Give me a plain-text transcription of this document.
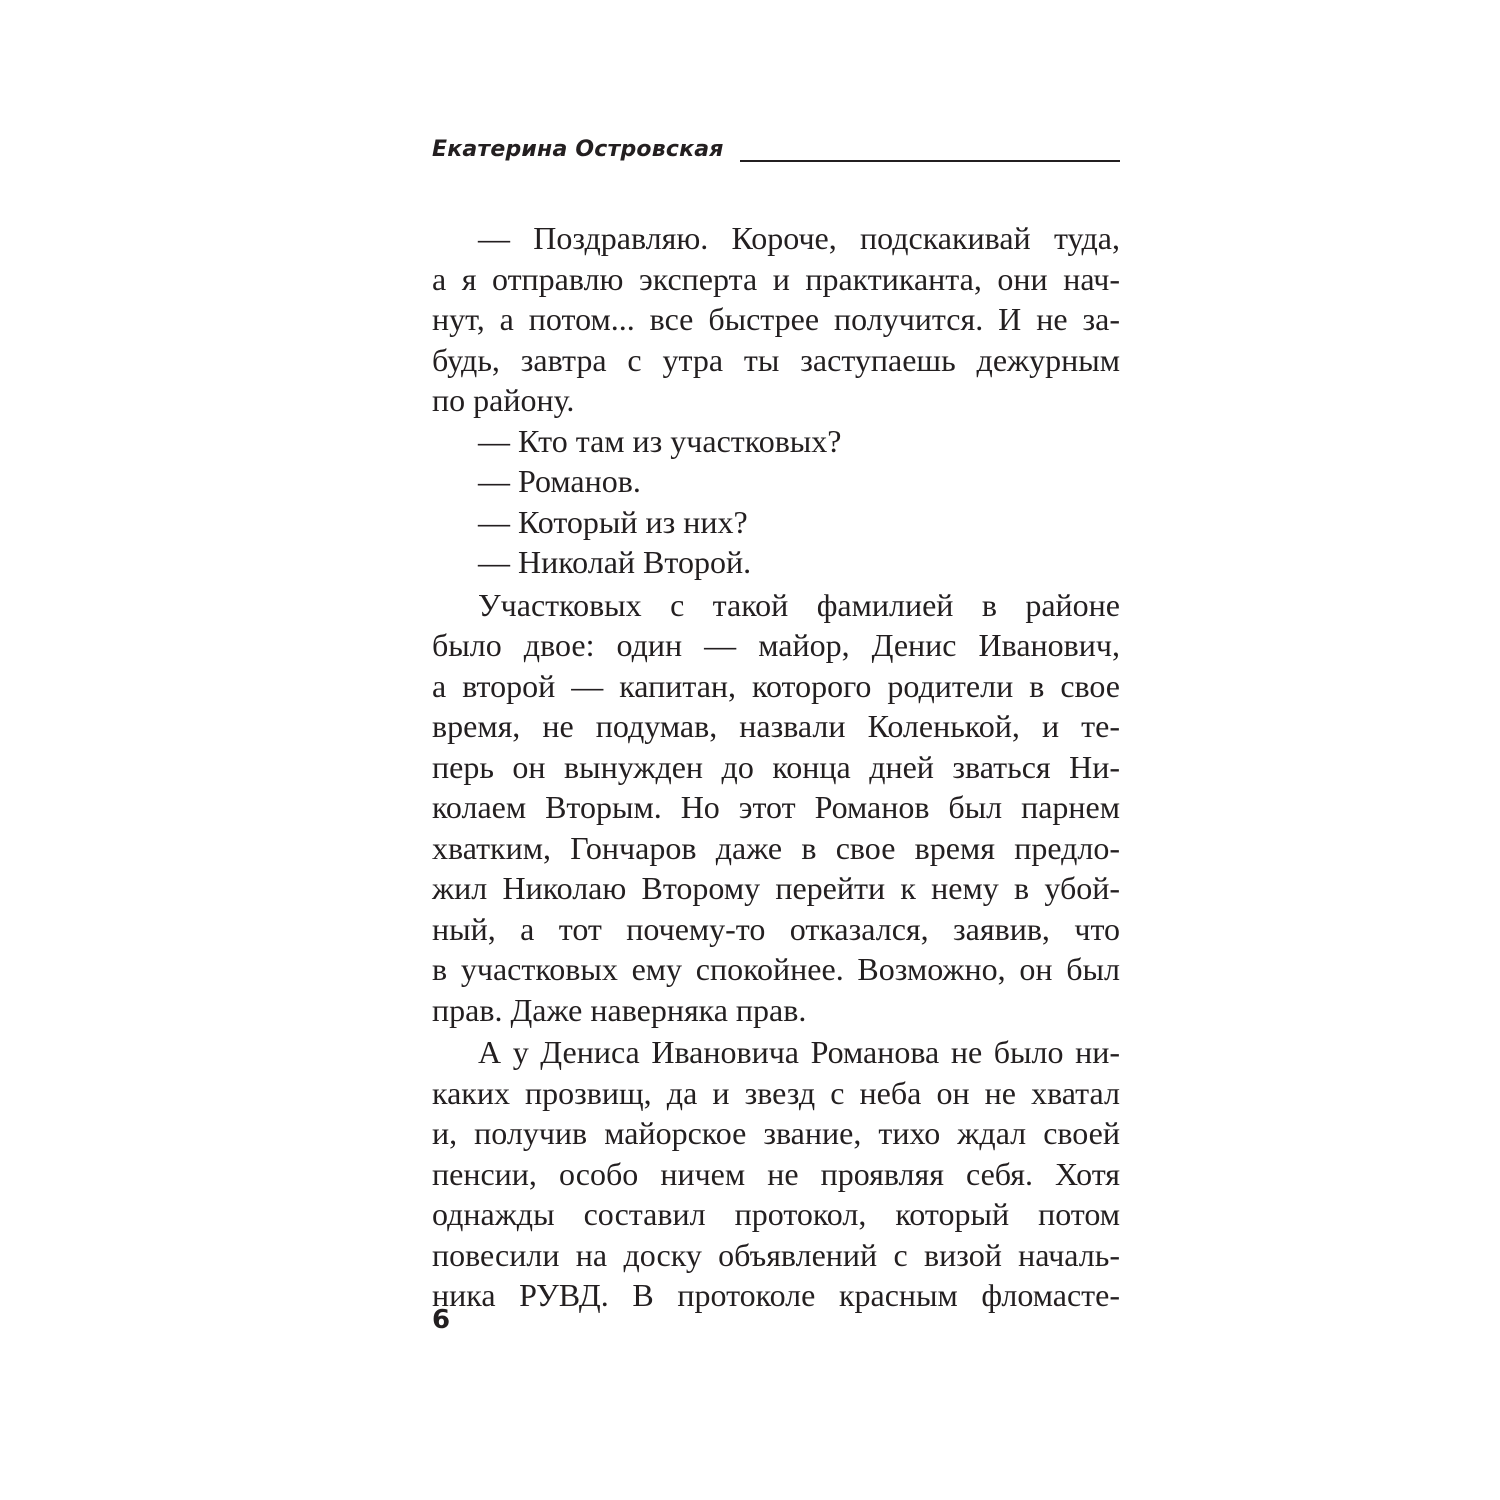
Екатерина Островская
— Поздравляю. Короче, подскакивай туда,
а я отправлю эксперта и практиканта, они нач-
нут, а потом... все быстрее получится. И не за-
будь, завтра с утра ты заступаешь дежурным
по району.
— Кто там из участковых?
— Романов.
— Который из них?
— Николай Второй.
Участковых с такой фамилией в районе
было двое: один — майор, Денис Иванович,
а второй — капитан, которого родители в свое
время, не подумав, назвали Коленькой, и те-
перь он вынужден до конца дней зваться Ни-
колаем Вторым. Но этот Романов был парнем
хватким, Гончаров даже в свое время предло-
жил Николаю Второму перейти к нему в убой-
ный, а тот почему-то отказался, заявив, что
в участковых ему спокойнее. Возможно, он был
прав. Даже наверняка прав.
А у Дениса Ивановича Романова не было ни-
каких прозвищ, да и звезд с неба он не хватал
и, получив майорское звание, тихо ждал своей
пенсии, особо ничем не проявляя себя. Хотя
однажды составил протокол, который потом
повесили на доску объявлений с визой началь-
ника РУВД. В протоколе красным фломасте-
6
